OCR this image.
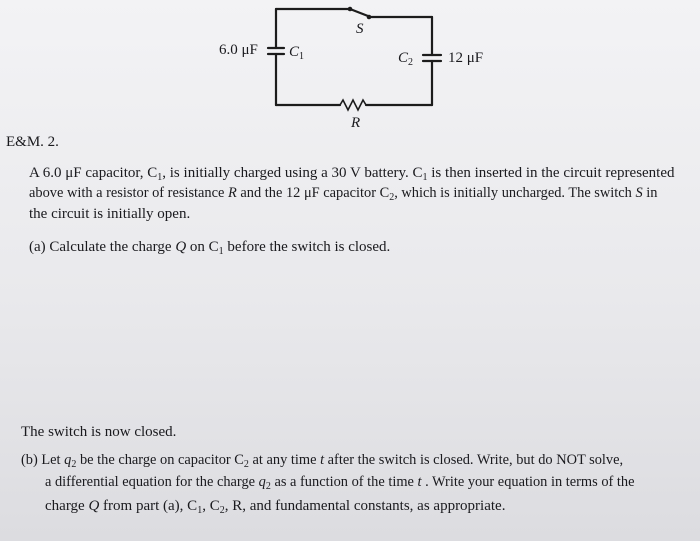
6.0 μF $C_1$	$C_2$ 12 μF
S
R
E&M. 2.
A 6.0 μF capacitor, $C_1$, is initially charged using a 30 V battery. $C_1$ is then inserted in the circuit represented
above with a resistor of resistance R and the 12 μF capacitor $C_2$, which is initially uncharged. The switch S in
the circuit is initially open.
(a) Calculate the charge Q on $C_1$ before the switch is closed.
The switch is now closed.
(b) Let $q_2$ be the charge on capacitor $C_2$ at any time t after the switch is closed. Write, but do NOT solve,
a differential equation for the charge $q_2$ as a function of the time t . Write your equation in terms of the
charge Q from part (a), $C_1$, $C_2$, R, and fundamental constants, as appropriate.
